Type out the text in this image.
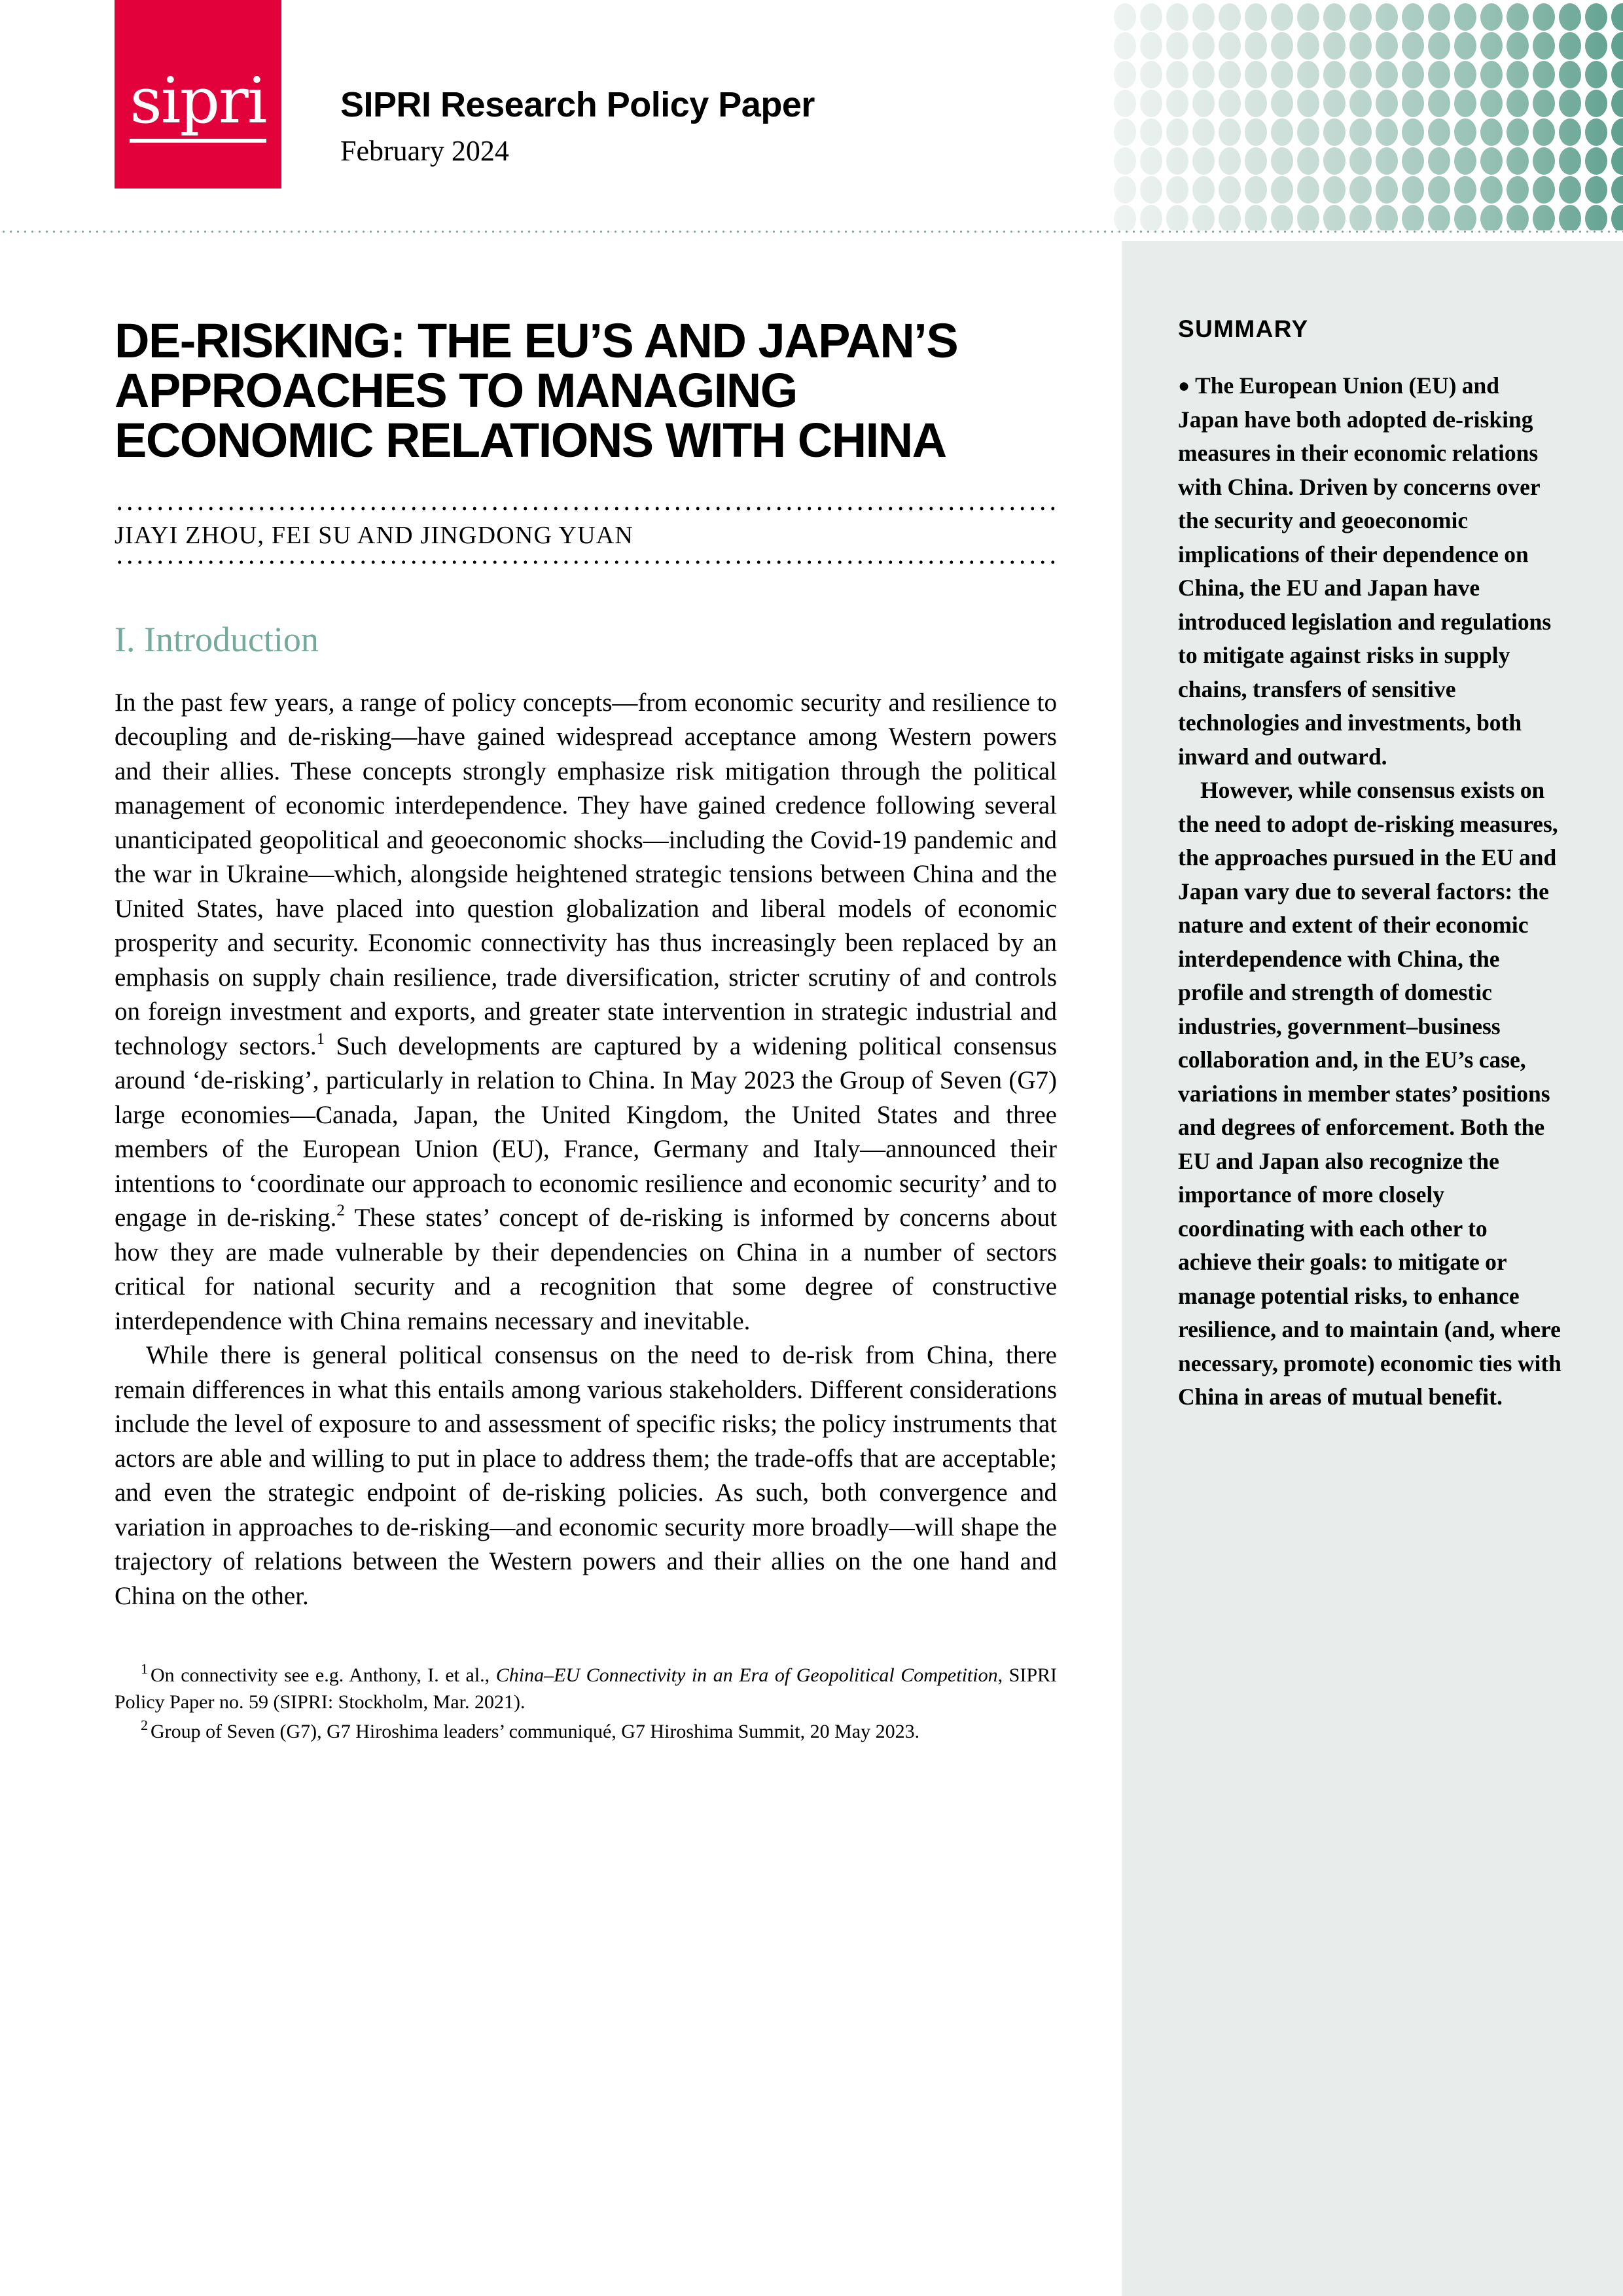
sipri SIPRI Research Policy Paper
February 2024
SUMMARY

●The European Union (EU) and Japan have both adopted de-risking measures in their economic relations with China. Driven by concerns over the security and geoeconomic implications of their dependence on China, the EU and Japan have introduced legislation and regulations to mitigate against risks in supply chains, transfers of sensitive technologies and investments, both inward and outward.

However, while consensus exists on the need to adopt de-risking measures, the approaches pursued in the EU and Japan vary due to several factors: the nature and extent of their economic interdependence with China, the profile and strength of domestic industries, government–business collaboration and, in the EU’s case, variations in member states’ positions and degrees of enforcement. Both the EU and Japan also recognize the importance of more closely coordinating with each other to achieve their goals: to mitigate or manage potential risks, to enhance resilience, and to maintain (and, where necessary, promote) economic ties with China in areas of mutual benefit.

DE-RISKING: THE EU’S AND JAPAN’S APPROACHES TO MANAGING ECONOMIC RELATIONS WITH CHINA
JIAYI ZHOU, FEI SU AND JINGDONG YUAN
I. Introduction

In the past few years, a range of policy concepts—from economic security and resilience to decoupling and de-risking—have gained widespread acceptance among Western powers and their allies. These concepts strongly emphasize risk mitigation through the political management of economic interdependence. They have gained credence following several unanticipated geopolitical and geoeconomic shocks—including the Covid-19 pandemic and the war in Ukraine—which, alongside heightened strategic tensions between China and the United States, have placed into question globalization and liberal models of economic prosperity and security. Economic connectivity has thus increasingly been replaced by an emphasis on supply chain resilience, trade diversification, stricter scrutiny of and controls on foreign investment and exports, and greater state intervention in strategic industrial and technology sectors.$^1$ Such developments are captured by a widening political consensus around ‘de-risking’, particularly in relation to China. In May 2023 the Group of Seven (G7) large economies—Canada, Japan, the United Kingdom, the United States and three members of the European Union (EU), France, Germany and Italy—announced their intentions to ‘coordinate our approach to economic resilience and economic security’ and to engage in de-risking.$^2$ These states’ concept of de-risking is informed by concerns about how they are made vulnerable by their dependencies on China in a number of sectors critical for national security and a recognition that some degree of constructive interdependence with China remains necessary and inevitable.

While there is general political consensus on the need to de-risk from China, there remain differences in what this entails among various stakeholders. Different considerations include the level of exposure to and assessment of specific risks; the policy instruments that actors are able and willing to put in place to address them; the trade-offs that are acceptable; and even the strategic endpoint of de-risking policies. As such, both convergence and variation in approaches to de-risking—and economic security more broadly—will shape the trajectory of relations between the Western powers and their allies on the one hand and China on the other.

$^1$ On connectivity see e.g. Anthony, I. et al., China–EU Connectivity in an Era of Geopolitical Competition, SIPRI Policy Paper no. 59 (SIPRI: Stockholm, Mar. 2021).

$^2$ Group of Seven (G7), G7 Hiroshima leaders’ communiqué, G7 Hiroshima Summit, 20 May 2023.
